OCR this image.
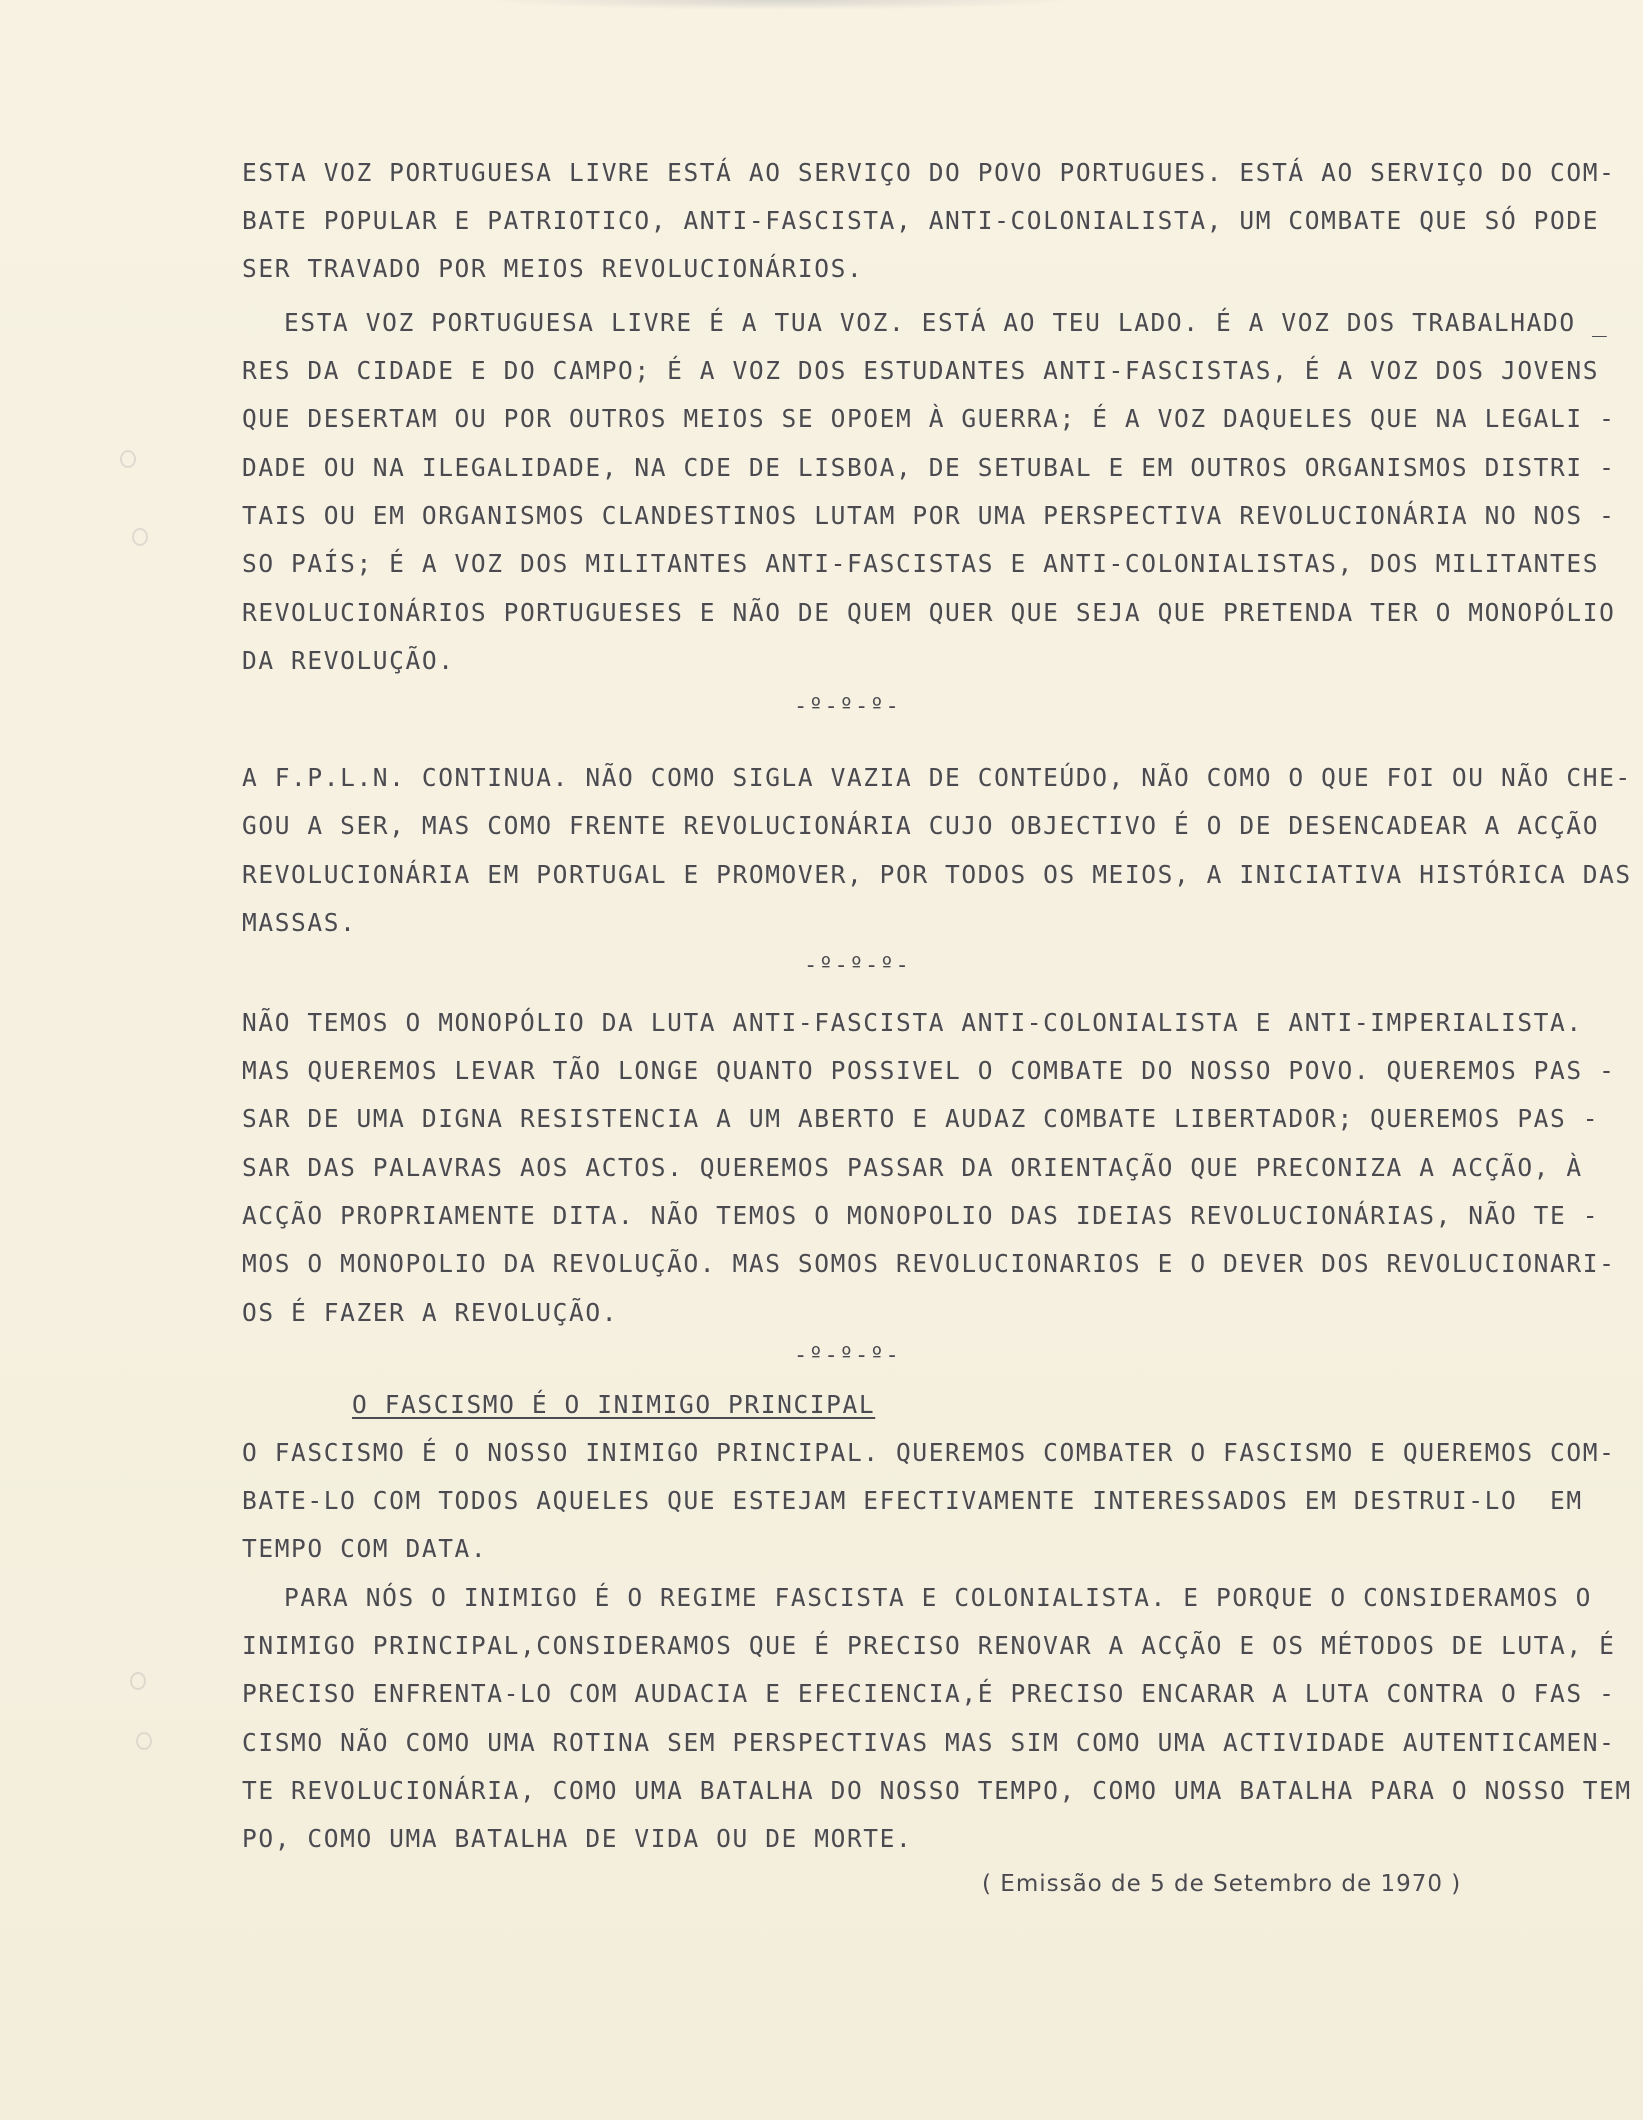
ESTA VOZ PORTUGUESA LIVRE ESTÁ AO SERVIÇO DO POVO PORTUGUES. ESTÁ AO SERVIÇO DO COM-
BATE POPULAR E PATRIOTICO, ANTI-FASCISTA, ANTI-COLONIALISTA, UM COMBATE QUE SÓ PODE
SER TRAVADO POR MEIOS REVOLUCIONÁRIOS.
ESTA VOZ PORTUGUESA LIVRE É A TUA VOZ. ESTÁ AO TEU LADO. É A VOZ DOS TRABALHADO _
RES DA CIDADE E DO CAMPO; É A VOZ DOS ESTUDANTES ANTI-FASCISTAS, É A VOZ DOS JOVENS
QUE DESERTAM OU POR OUTROS MEIOS SE OPOEM À GUERRA; É A VOZ DAQUELES QUE NA LEGALI -
DADE OU NA ILEGALIDADE, NA CDE DE LISBOA, DE SETUBAL E EM OUTROS ORGANISMOS DISTRI -
TAIS OU EM ORGANISMOS CLANDESTINOS LUTAM POR UMA PERSPECTIVA REVOLUCIONÁRIA NO NOS -
SO PAÍS; É A VOZ DOS MILITANTES ANTI-FASCISTAS E ANTI-COLONIALISTAS, DOS MILITANTES
REVOLUCIONÁRIOS PORTUGUESES E NÃO DE QUEM QUER QUE SEJA QUE PRETENDA TER O MONOPÓLIO
DA REVOLUÇÃO.
-º-º-º-
A F.P.L.N. CONTINUA. NÃO COMO SIGLA VAZIA DE CONTEÚDO, NÃO COMO O QUE FOI OU NÃO CHE-
GOU A SER, MAS COMO FRENTE REVOLUCIONÁRIA CUJO OBJECTIVO É O DE DESENCADEAR A ACÇÃO
REVOLUCIONÁRIA EM PORTUGAL E PROMOVER, POR TODOS OS MEIOS, A INICIATIVA HISTÓRICA DAS
MASSAS.
-º-º-º-
NÃO TEMOS O MONOPÓLIO DA LUTA ANTI-FASCISTA ANTI-COLONIALISTA E ANTI-IMPERIALISTA.
MAS QUEREMOS LEVAR TÃO LONGE QUANTO POSSIVEL O COMBATE DO NOSSO POVO. QUEREMOS PAS -
SAR DE UMA DIGNA RESISTENCIA A UM ABERTO E AUDAZ COMBATE LIBERTADOR; QUEREMOS PAS -
SAR DAS PALAVRAS AOS ACTOS. QUEREMOS PASSAR DA ORIENTAÇÃO QUE PRECONIZA A ACÇÃO, À
ACÇÃO PROPRIAMENTE DITA. NÃO TEMOS O MONOPOLIO DAS IDEIAS REVOLUCIONÁRIAS, NÃO TE -
MOS O MONOPOLIO DA REVOLUÇÃO. MAS SOMOS REVOLUCIONARIOS E O DEVER DOS REVOLUCIONARI-
OS É FAZER A REVOLUÇÃO.
-º-º-º-
O FASCISMO É O INIMIGO PRINCIPAL
O FASCISMO É O NOSSO INIMIGO PRINCIPAL. QUEREMOS COMBATER O FASCISMO E QUEREMOS COM-
BATE-LO COM TODOS AQUELES QUE ESTEJAM EFECTIVAMENTE INTERESSADOS EM DESTRUI-LO  EM
TEMPO COM DATA.
PARA NÓS O INIMIGO É O REGIME FASCISTA E COLONIALISTA. E PORQUE O CONSIDERAMOS O
INIMIGO PRINCIPAL,CONSIDERAMOS QUE É PRECISO RENOVAR A ACÇÃO E OS MÉTODOS DE LUTA, É
PRECISO ENFRENTA-LO COM AUDACIA E EFECIENCIA,É PRECISO ENCARAR A LUTA CONTRA O FAS -
CISMO NÃO COMO UMA ROTINA SEM PERSPECTIVAS MAS SIM COMO UMA ACTIVIDADE AUTENTICAMEN-
TE REVOLUCIONÁRIA, COMO UMA BATALHA DO NOSSO TEMPO, COMO UMA BATALHA PARA O NOSSO TEM
PO, COMO UMA BATALHA DE VIDA OU DE MORTE.
( Emissão de 5 de Setembro de 1970 )
